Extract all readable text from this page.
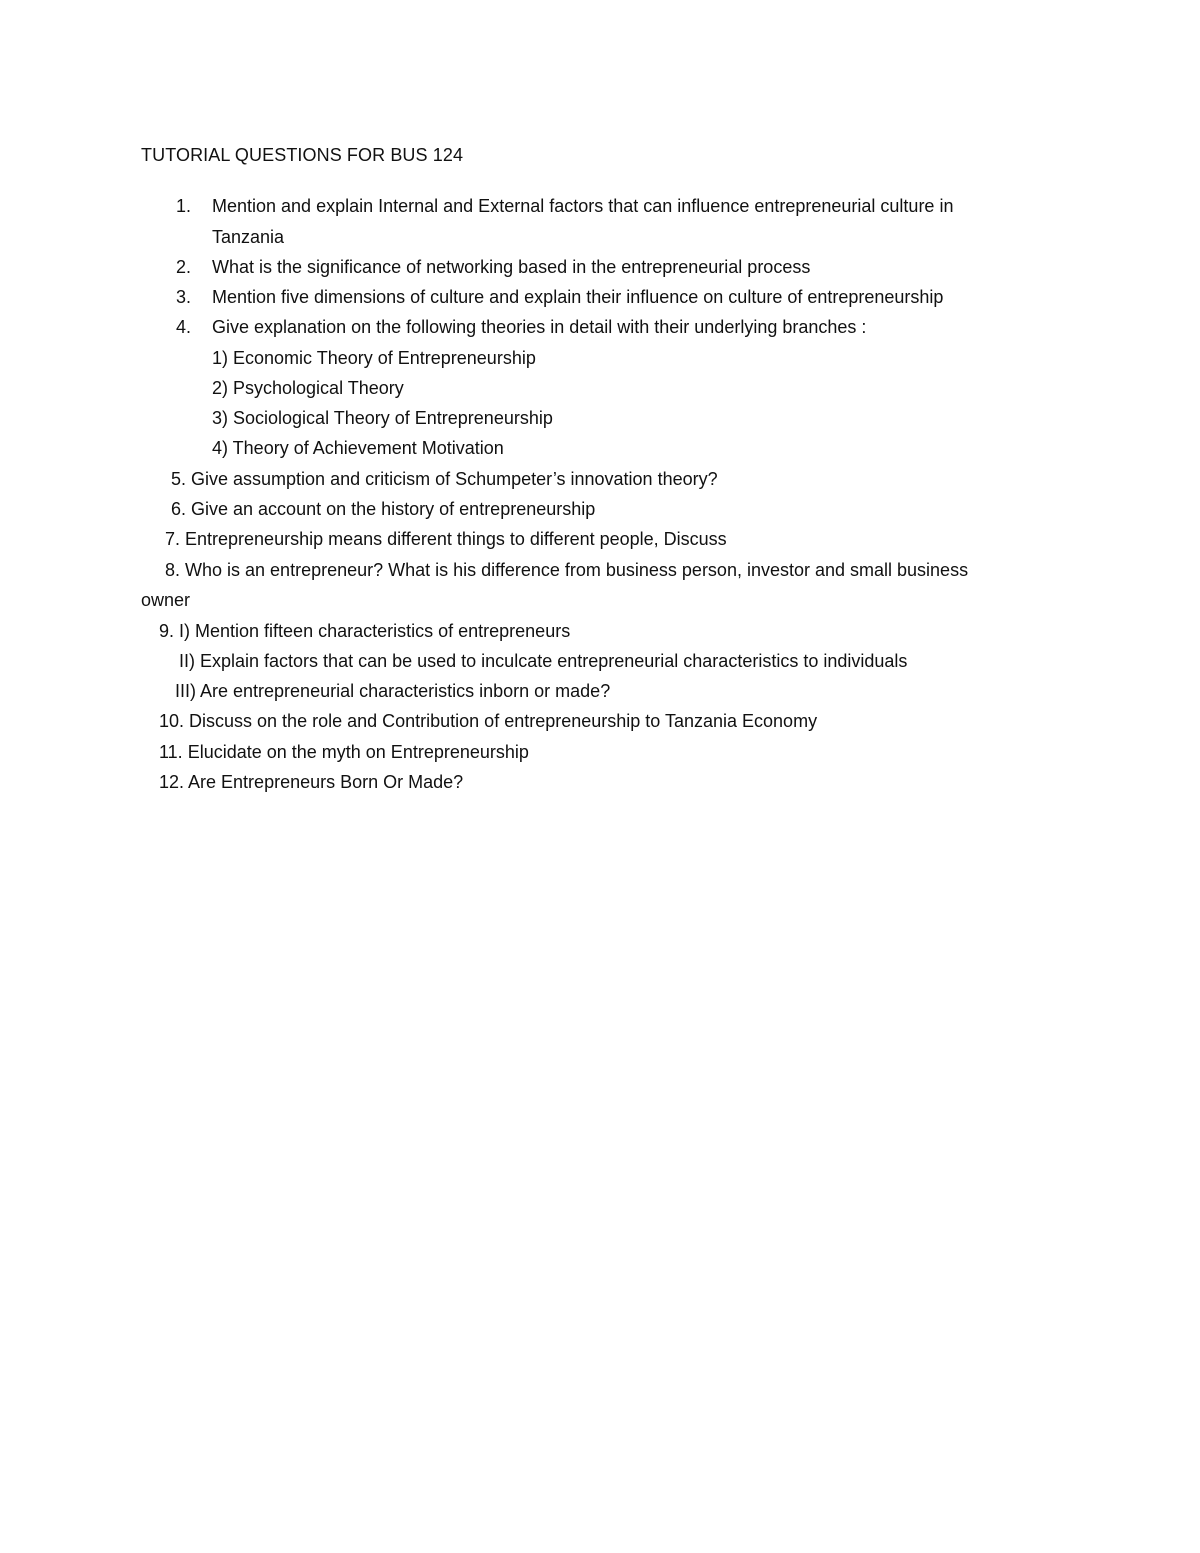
TUTORIAL QUESTIONS FOR BUS 124
1. Mention and explain Internal and External factors that can influence entrepreneurial culture in
Tanzania
2. What is the significance of networking based in the entrepreneurial process
3. Mention five dimensions of culture and explain their influence on culture of entrepreneurship
4. Give explanation on the following theories in detail with their underlying branches :
1) Economic Theory of Entrepreneurship
2) Psychological Theory
3) Sociological Theory of Entrepreneurship
4) Theory of Achievement Motivation
5. Give assumption and criticism of Schumpeter’s innovation theory?
6. Give an account on the history of entrepreneurship
7. Entrepreneurship means different things to different people, Discuss
8. Who is an entrepreneur? What is his difference from business person, investor and small business
owner
9. I) Mention fifteen characteristics of entrepreneurs
II) Explain factors that can be used to inculcate entrepreneurial characteristics to individuals
III) Are entrepreneurial characteristics inborn or made?
10. Discuss on the role and Contribution of entrepreneurship to Tanzania Economy
11. Elucidate on the myth on Entrepreneurship
12. Are Entrepreneurs Born Or Made?
